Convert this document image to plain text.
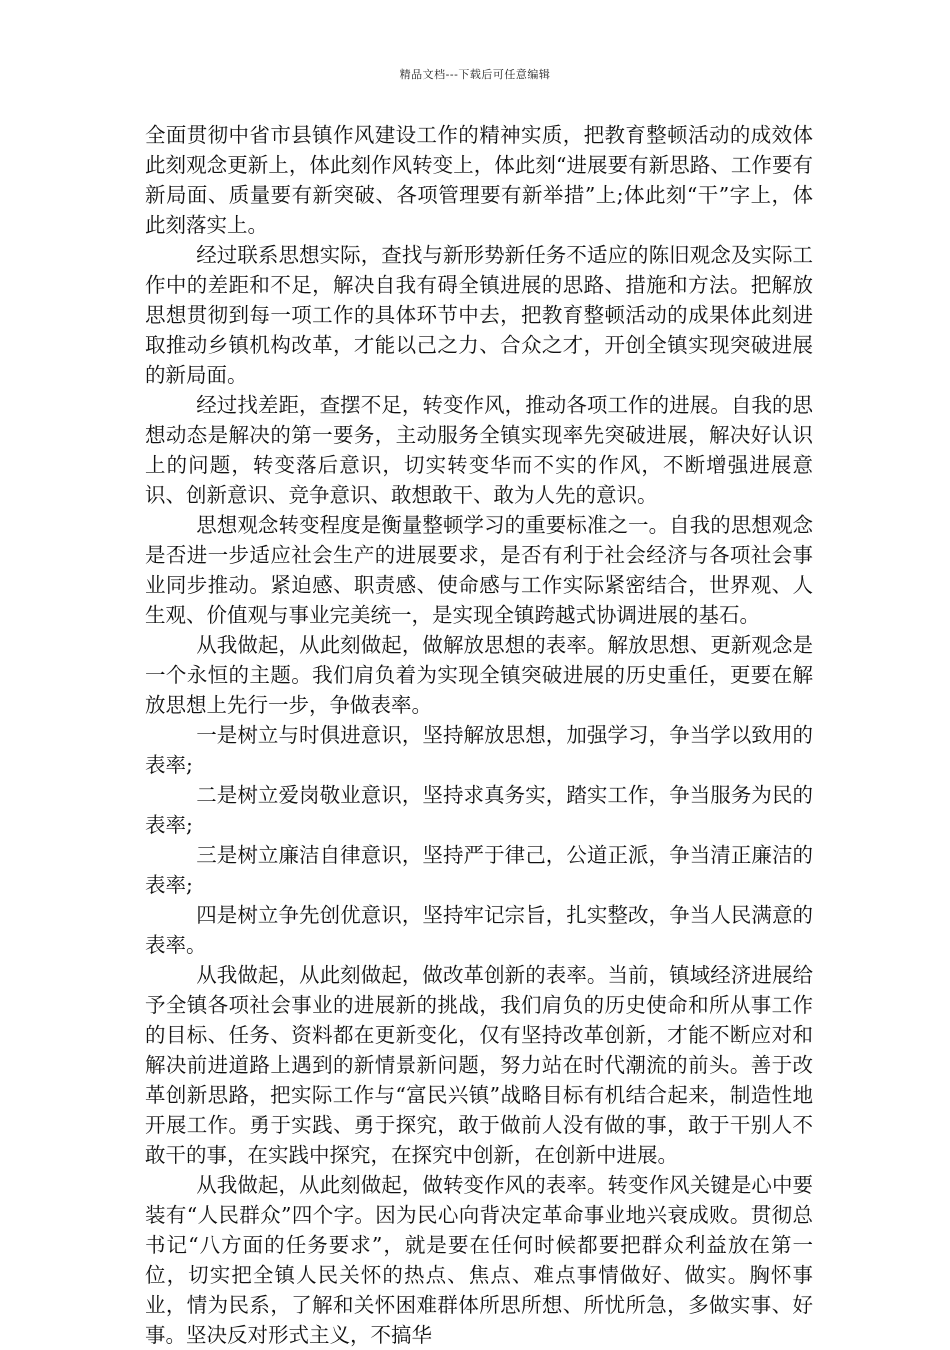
精品文档---下载后可任意编辑

全面贯彻中省市县镇作风建设工作的精神实质，把教育整顿活动的成效体此刻观念更新上，体此刻作风转变上，体此刻“进展要有新思路、工作要有新局面、质量要有新突破、各项管理要有新举措”上;体此刻“干”字上，体此刻落实上。

经过联系思想实际，查找与新形势新任务不适应的陈旧观念及实际工作中的差距和不足，解决自我有碍全镇进展的思路、措施和方法。把解放思想贯彻到每一项工作的具体环节中去，把教育整顿活动的成果体此刻进取推动乡镇机构改革，才能以己之力、合众之才，开创全镇实现突破进展的新局面。

经过找差距，查摆不足，转变作风，推动各项工作的进展。自我的思想动态是解决的第一要务，主动服务全镇实现率先突破进展，解决好认识上的问题，转变落后意识，切实转变华而不实的作风，不断增强进展意识、创新意识、竞争意识、敢想敢干、敢为人先的意识。

思想观念转变程度是衡量整顿学习的重要标准之一。自我的思想观念是否进一步适应社会生产的进展要求，是否有利于社会经济与各项社会事业同步推动。紧迫感、职责感、使命感与工作实际紧密结合，世界观、人生观、价值观与事业完美统一，是实现全镇跨越式协调进展的基石。

从我做起，从此刻做起，做解放思想的表率。解放思想、更新观念是一个永恒的主题。我们肩负着为实现全镇突破进展的历史重任，更要在解放思想上先行一步，争做表率。

一是树立与时俱进意识，坚持解放思想，加强学习，争当学以致用的表率;

二是树立爱岗敬业意识，坚持求真务实，踏实工作，争当服务为民的表率;

三是树立廉洁自律意识，坚持严于律己，公道正派，争当清正廉洁的表率;

四是树立争先创优意识，坚持牢记宗旨，扎实整改，争当人民满意的表率。

从我做起，从此刻做起，做改革创新的表率。当前，镇域经济进展给予全镇各项社会事业的进展新的挑战，我们肩负的历史使命和所从事工作的目标、任务、资料都在更新变化，仅有坚持改革创新，才能不断应对和解决前进道路上遇到的新情景新问题，努力站在时代潮流的前头。善于改革创新思路，把实际工作与“富民兴镇”战略目标有机结合起来，制造性地开展工作。勇于实践、勇于探究，敢于做前人没有做的事，敢于干别人不敢干的事，在实践中探究，在探究中创新，在创新中进展。

从我做起，从此刻做起，做转变作风的表率。转变作风关键是心中要装有“人民群众”四个字。因为民心向背决定革命事业地兴衰成败。贯彻总书记“八方面的任务要求”，就是要在任何时候都要把群众利益放在第一位，切实把全镇人民关怀的热点、焦点、难点事情做好、做实。胸怀事业，情为民系，了解和关怀困难群体所思所想、所忧所急，多做实事、好事。坚决反对形式主义，不搞华
